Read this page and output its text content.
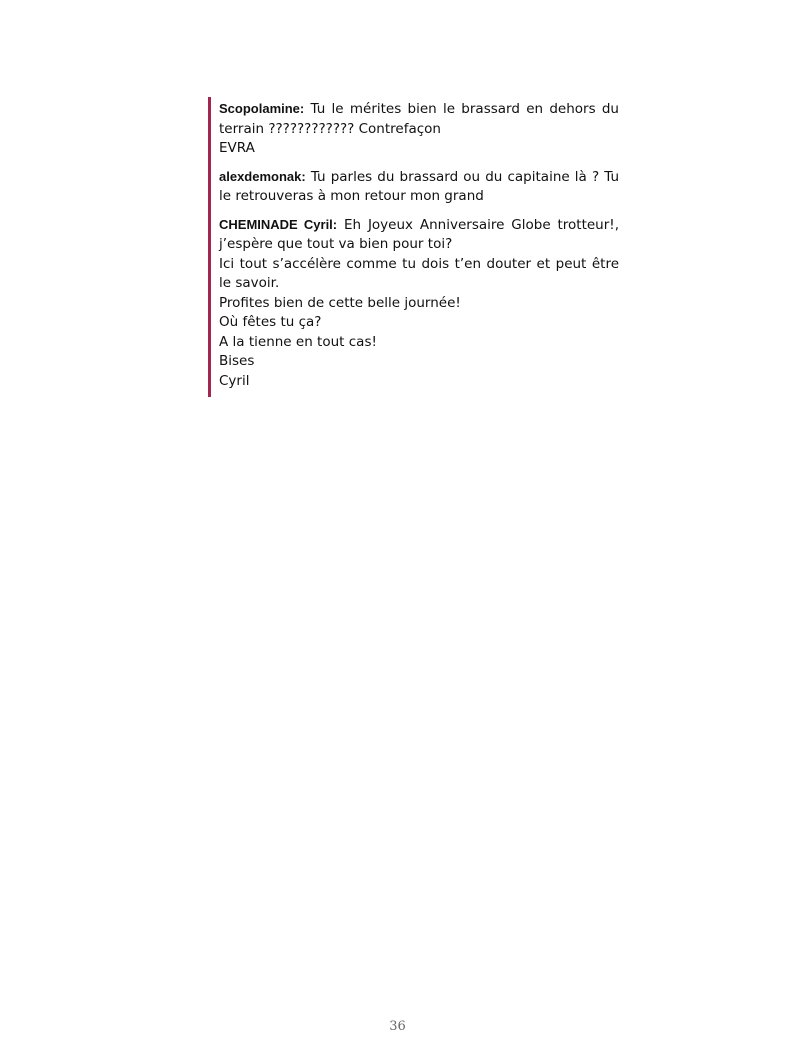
Scopolamine: Tu le mérites bien le brassard en dehors du terrain ???????????? Contrefaçon
EVRA
alexdemonak: Tu parles du brassard ou du capitaine là ? Tu le retrouveras à mon retour mon grand
CHEMINADE Cyril: Eh Joyeux Anniversaire Globe trotteur!, j’espère que tout va bien pour toi?
Ici tout s’accélère comme tu dois t’en douter et peut être le savoir.
Profites bien de cette belle journée!
Où fêtes tu ça?
A la tienne en tout cas!
Bises
Cyril
36
